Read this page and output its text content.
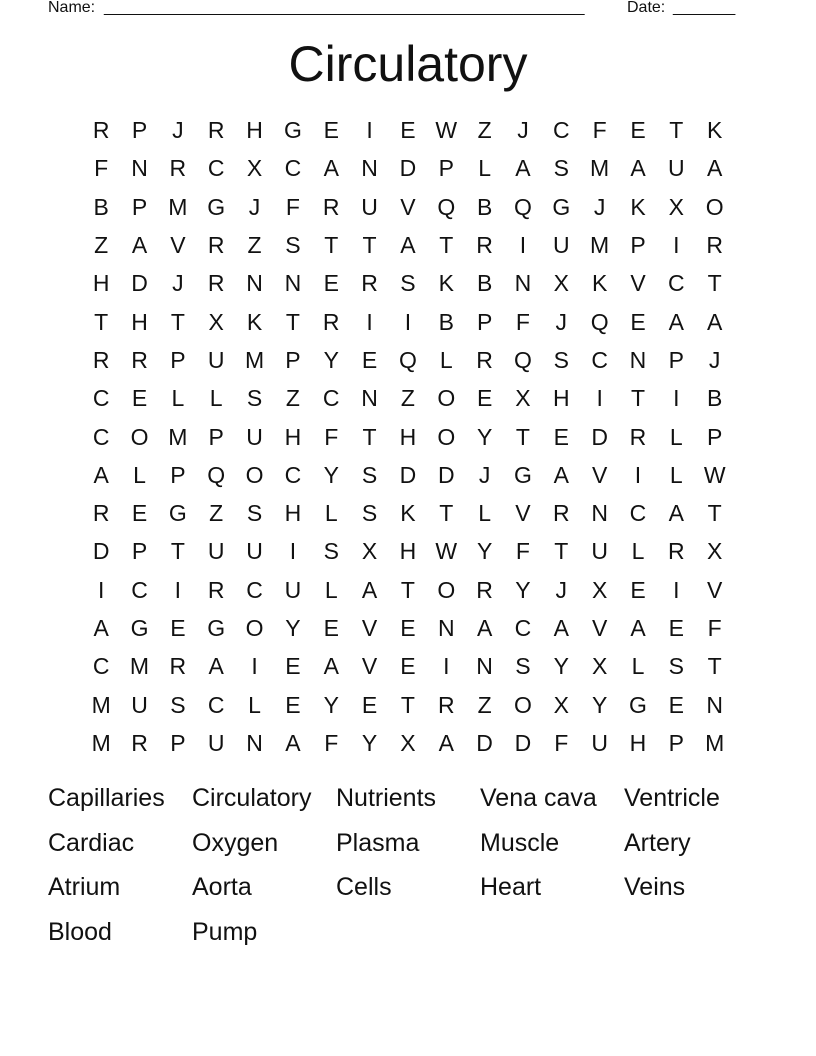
Name: ______________________________________________________	Date: _______
Circulatory
R P	J	R H G E	I	E W Z	J	C	F	E	T	K
F	N R C X C A N D P	L	A	S M A U A
B	P M G	J	F	R U V Q B Q G	J	K	X O
Z	A	V R	Z	S	T	T	A	T	R	I	U M P	I	R
H D	J	R N N E R S	K	B N X	K	V C	T
T	H	T	X	K	T	R	I	I	B	P	F	J	Q E	A	A
R R P U M P	Y	E Q	L	R Q S C N P	J
C E	L	L	S	Z	C N	Z O E	X H	I	T	I	B
C O M P U H	F	T	H O Y	T	E D R	L	P
A	L	P Q O C Y	S D D	J	G A	V	I	L W
R E G Z	S H	L	S	K	T	L	V R N C A	T
D P	T	U U	I	S	X H W Y	F	T	U	L	R X
I	C	I	R C U	L	A	T O R Y	J	X	E	I	V
A G E G O Y	E	V	E N A C A	V	A	E	F
C M R A	I	E	A	V	E	I	N S	Y	X	L	S	T
M U S C	L	E	Y	E	T	R	Z O X	Y G E N
M R P U N A	F	Y	X	A D D	F	U H P M
Capillaries	Circulatory Nutrients	Vena cava	Ventricle
Cardiac	Oxygen	Plasma	Muscle	Artery
Atrium	Aorta	Cells	Heart	Veins
Blood	Pump
